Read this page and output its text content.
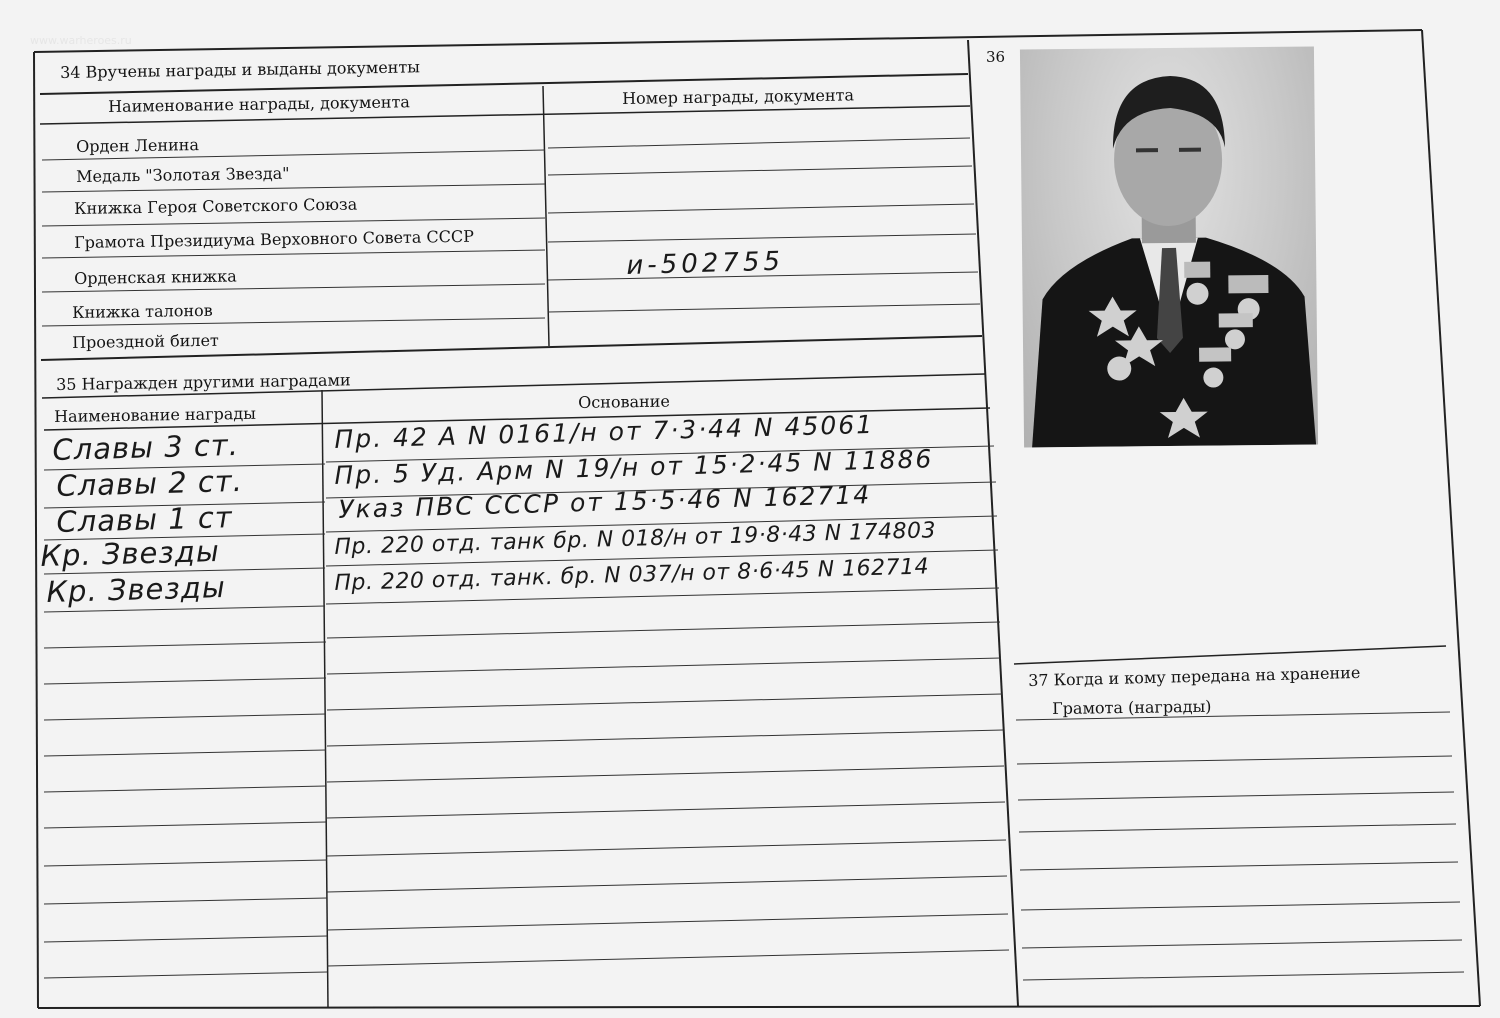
www.warheroes.ru
34 Вручены награды и выданы документы
Наименование награды, документа	Номер награды, документа
Орден Ленина
Медаль "Золотая Звезда"
Книжка Героя Советского Союза
Грамота Президиума Верховного Совета СССР
Орденская книжка
Книжка талонов
Проездной билет
и-502755
35 Награжден другими наградами
Наименование награды
Основание
Славы 3 ст.
Славы 2 ст.
Славы 1 ст
Кр. Звезды
Кр. Звезды
Пр. 42 А N 0161/н от 7·3·44 N 45061
Пр. 5 Уд. Арм N 19/н от 15·2·45 N 11886
Указ ПВС СССР от 15·5·46 N 162714
Пр. 220 отд. танк бр. N 018/н от 19·8·43 N 174803
Пр. 220 отд. танк. бр. N 037/н от 8·6·45 N 162714
36
37 Когда и кому передана на хранение
Грамота (награды)
